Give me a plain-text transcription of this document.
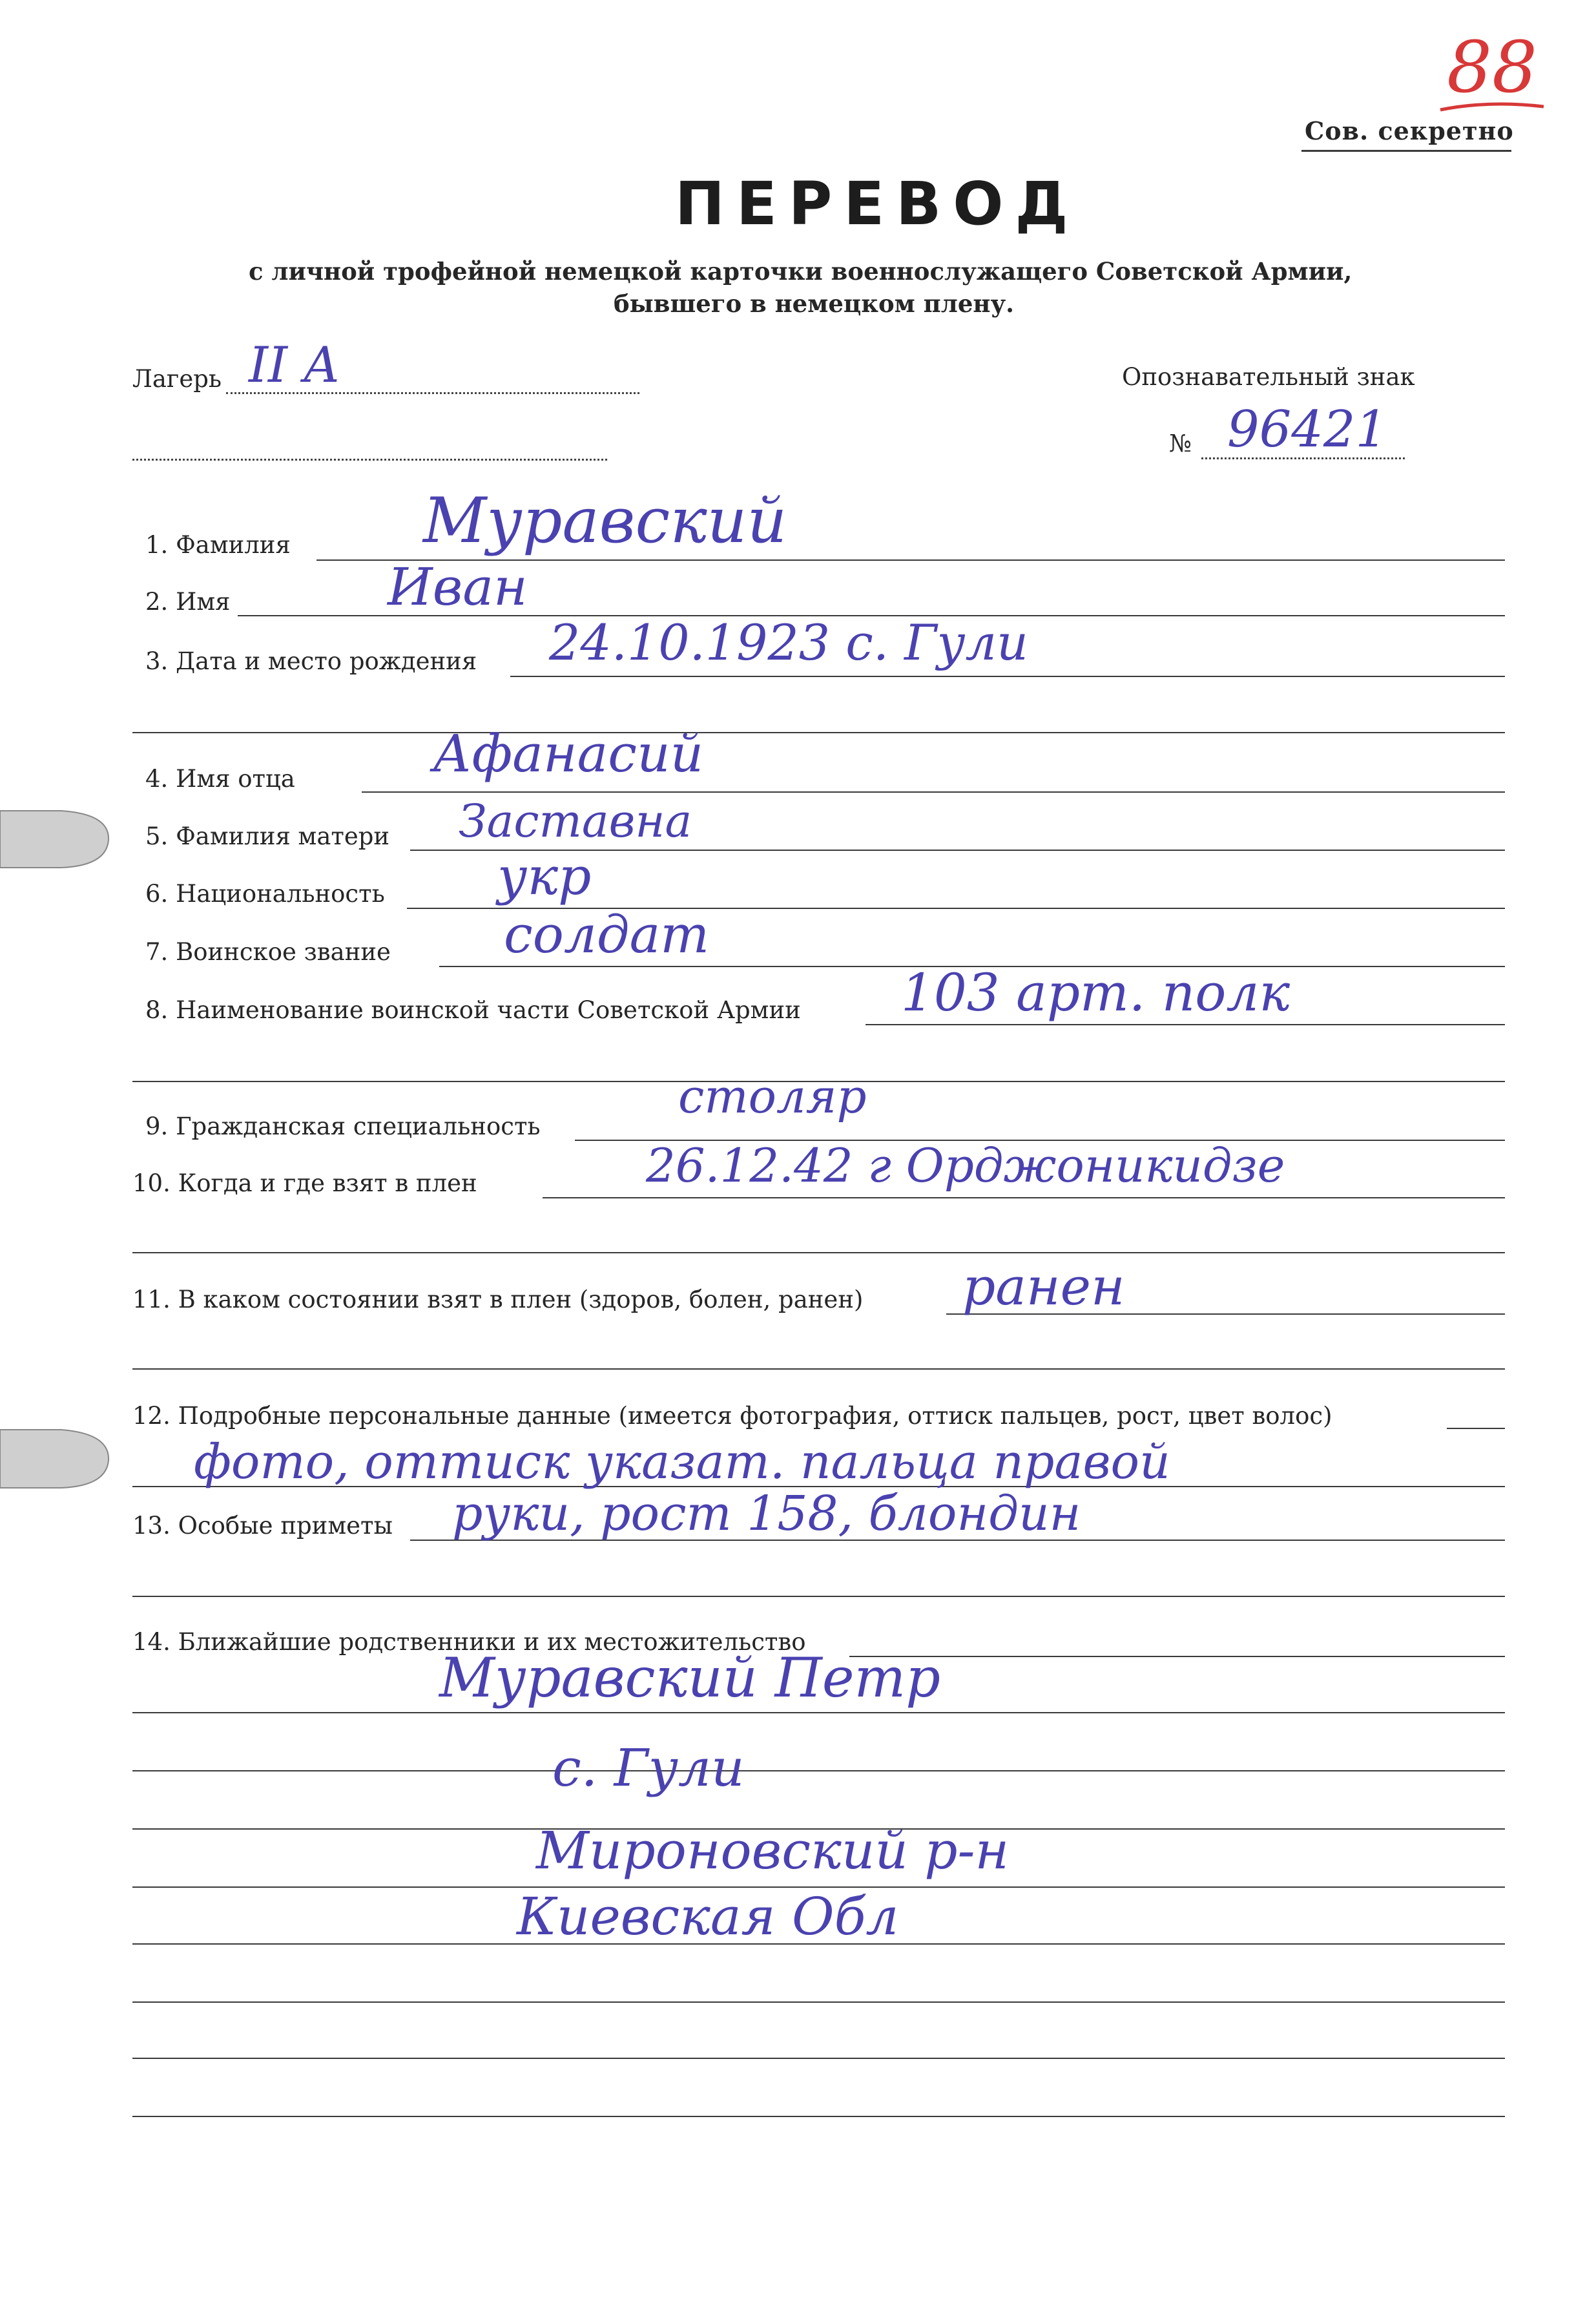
88
Сов. секретно
ПЕРЕВОД
с личной трофейной немецкой карточки военнослужащего Советской Армии,
бывшего в немецком плену.
Лагерь II А	Опознавательный знак
№ 96421
1. Фамилия Муравский
2. Имя	Иван
3. Дата и место рождения 24.10.1923 с. Гули
4. Имя отца	Афанасий
5. Фамилия матери Заставна
6. Национальность укр
7. Воинское звание солдат
8. Наименование воинской части Советской Армии 103 арт. полк
9. Гражданская специальность
столяр
10. Когда и где взят в плен	26.12.42 г Орджоникидзе
11. В каком состоянии взят в плен (здоров, болен, ранен) ранен
12. Подробные персональные данные (имеется фотография, оттиск пальцев, рост, цвет волос)
фото, оттиск указат. пальца правой
13. Особые приметы руки, рост 158, блондин
14. Ближайшие родственники и их местожительство
Муравский Петр
с. Гули
Мироновский р-н
Киевская Обл
